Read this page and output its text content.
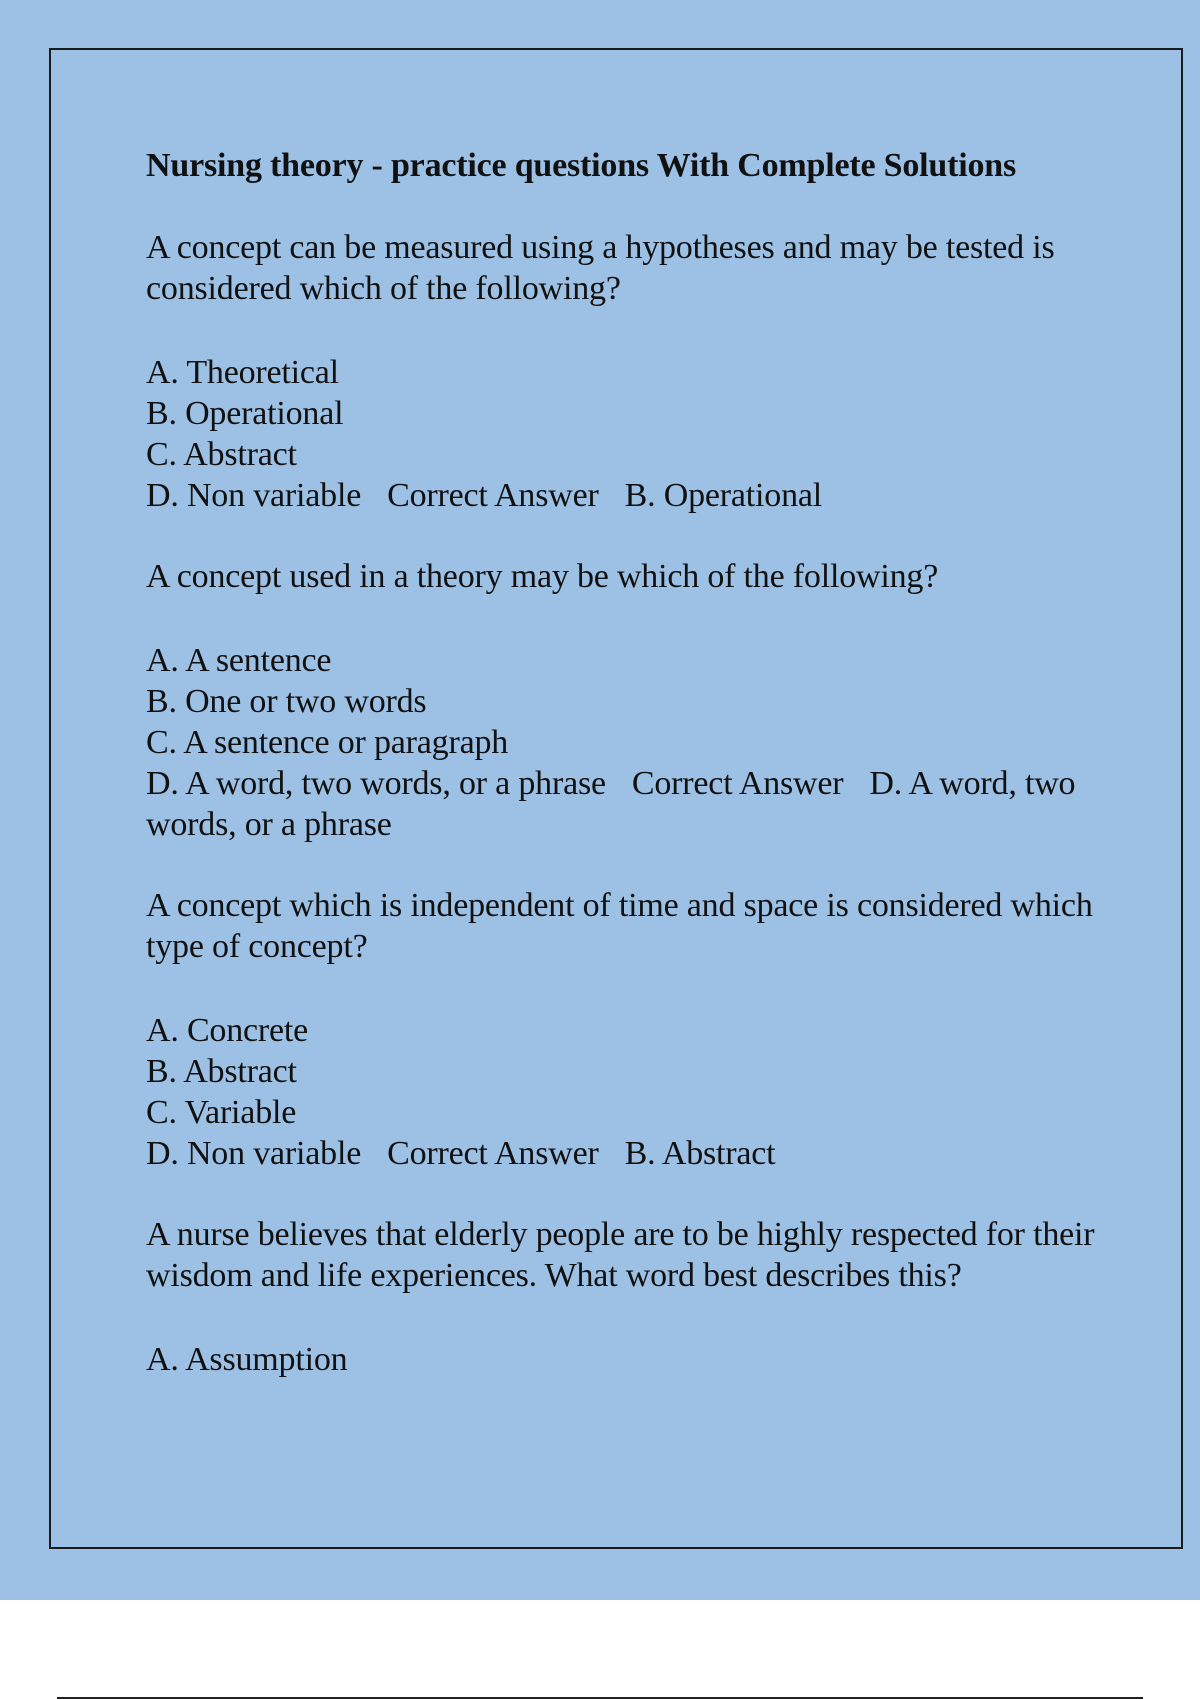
Nursing theory - practice questions With Complete Solutions

A concept can be measured using a hypotheses and may be tested is considered which of the following?

A. Theoretical
B. Operational
C. Abstract
D. Non variable Correct Answer B. Operational

A concept used in a theory may be which of the following?

A. A sentence
B. One or two words
C. A sentence or paragraph
D. A word, two words, or a phrase Correct Answer D. A word, two words, or a phrase

A concept which is independent of time and space is considered which type of concept?

A. Concrete
B. Abstract
C. Variable
D. Non variable Correct Answer B. Abstract

A nurse believes that elderly people are to be highly respected for their wisdom and life experiences. What word best describes this?

A. Assumption
